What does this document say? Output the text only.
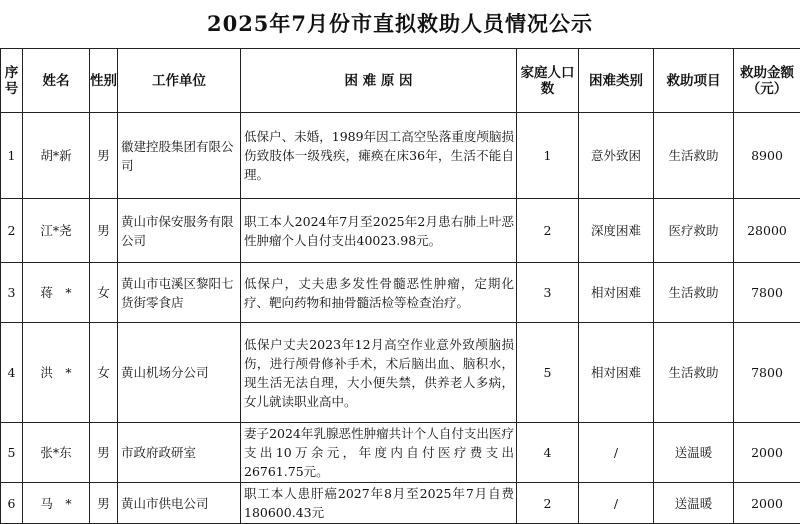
2025年7月份市直拟救助人员情况公示
序号	姓名	性别	工作单位	困 难 原 因	家庭人口数	困难类别	救助项目	救助金额（元）
1	胡*新	男	徽建控股集团有限公司	低保户、未婚，1989年因工高空坠落重度颅脑损伤致肢体一级残疾，瘫痪在床36年，生活不能自理。	1	意外致困	生活救助	8900
2	江*尧	男	黄山市保安服务有限公司	职工本人2024年7月至2025年2月患右肺上叶恶性肿瘤个人自付支出40023.98元。	2	深度困难	医疗救助	28000
3	蒋　*	女	黄山市屯溪区黎阳七货街零食店	低保户，丈夫患多发性骨髓恶性肿瘤，定期化疗、靶向药物和抽骨髓活检等检查治疗。	3	相对困难	生活救助	7800
4	洪　*	女	黄山机场分公司	低保户丈夫2023年12月高空作业意外致颅脑损伤，进行颅骨修补手术，术后脑出血、脑积水，现生活无法自理，大小便失禁，供养老人多病，女儿就读职业高中。	5	相对困难	生活救助	7800
5	张*东	男	市政府政研室	妻子2024年乳腺恶性肿瘤共计个人自付支出医疗支出10万余元，年度内自付医疗费支出26761.75元。	4	/	送温暖	2000
6	马　*	男	黄山市供电公司	职工本人患肝癌2027年8月至2025年7月自费180600.43元	2	/	送温暖	2000
